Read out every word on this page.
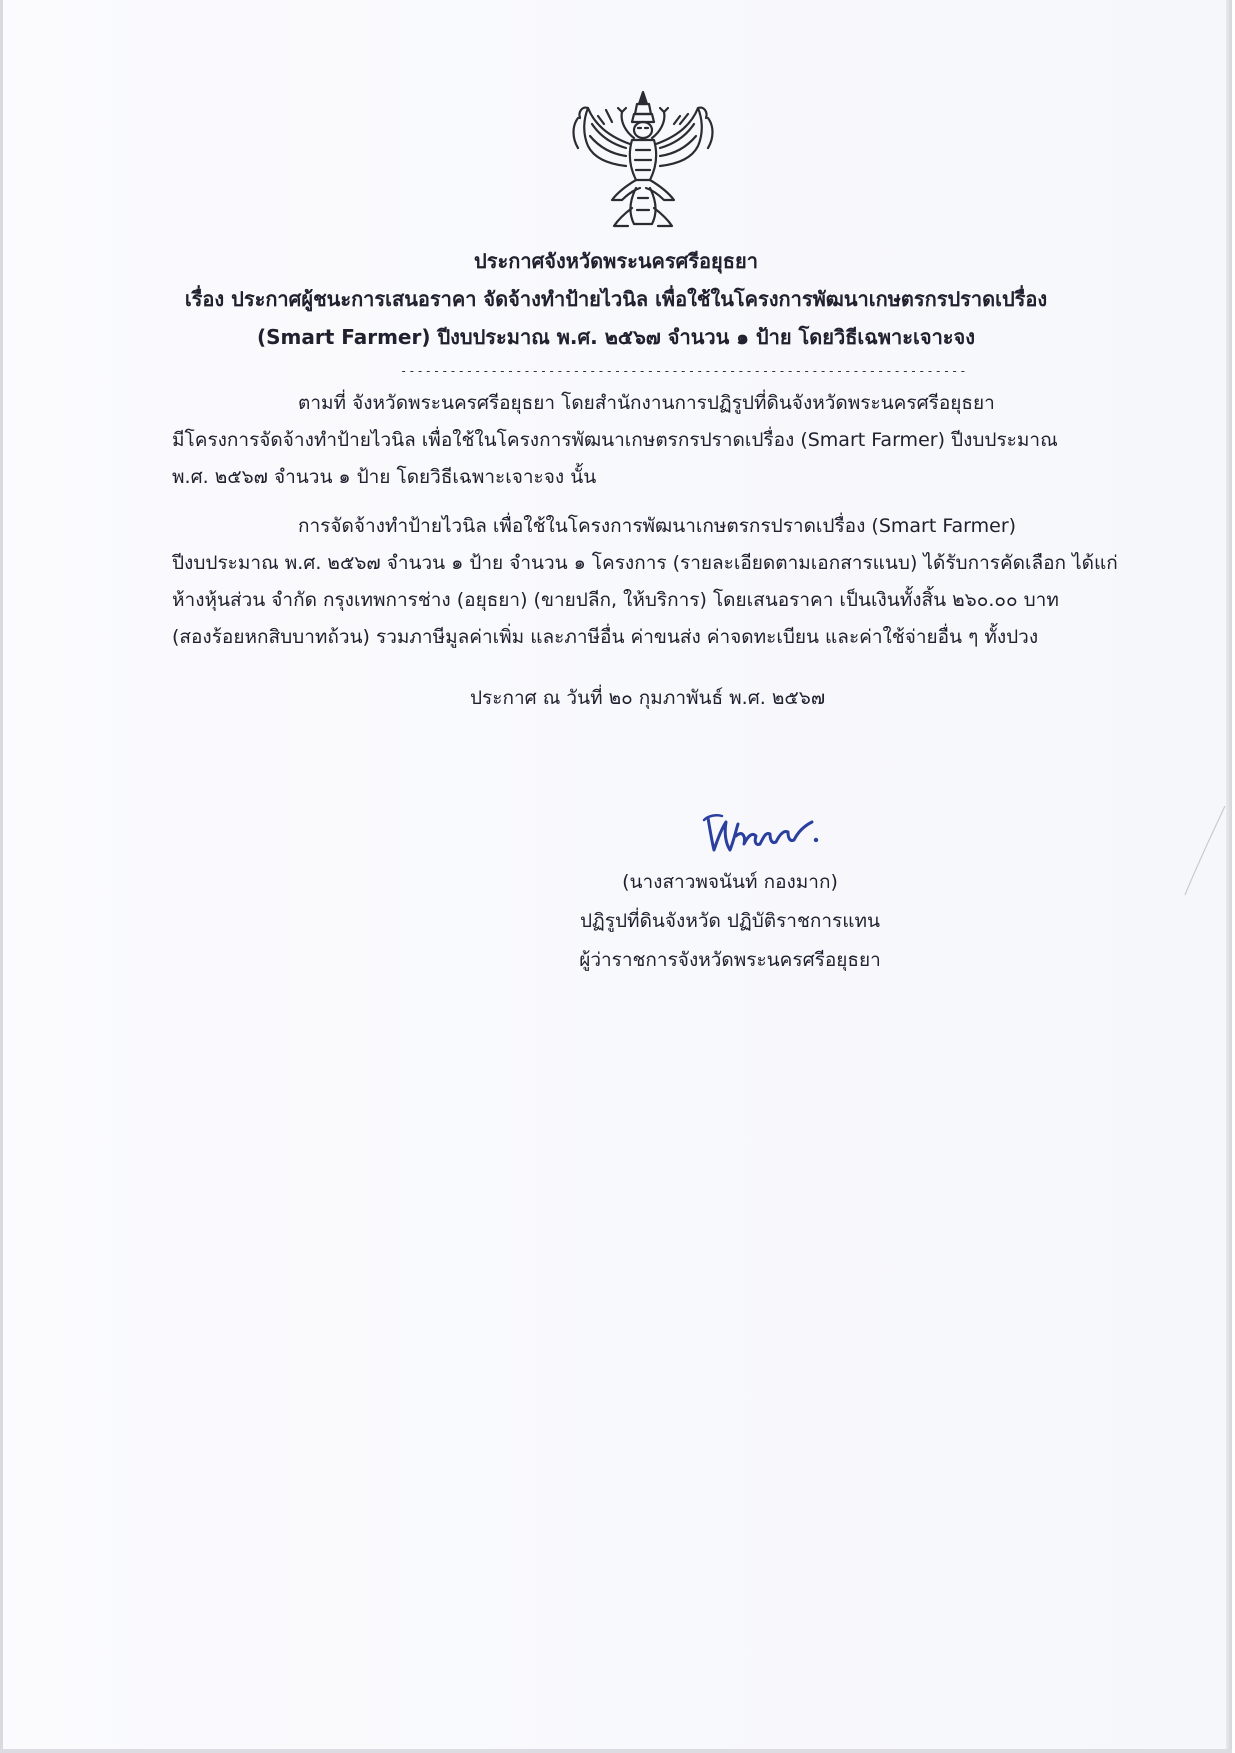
ประกาศจังหวัดพระนครศรีอยุธยา
เรื่อง ประกาศผู้ชนะการเสนอราคา จัดจ้างทำป้ายไวนิล เพื่อใช้ในโครงการพัฒนาเกษตรกรปราดเปรื่อง
(Smart Farmer) ปีงบประมาณ พ.ศ. ๒๕๖๗ จำนวน ๑ ป้าย โดยวิธีเฉพาะเจาะจง
---------------------------------------------------------------------
ตามที่ จังหวัดพระนครศรีอยุธยา โดยสำนักงานการปฏิรูปที่ดินจังหวัดพระนครศรีอยุธยา
มีโครงการจัดจ้างทำป้ายไวนิล เพื่อใช้ในโครงการพัฒนาเกษตรกรปราดเปรื่อง (Smart Farmer) ปีงบประมาณ
พ.ศ. ๒๕๖๗ จำนวน ๑ ป้าย โดยวิธีเฉพาะเจาะจง นั้น
การจัดจ้างทำป้ายไวนิล เพื่อใช้ในโครงการพัฒนาเกษตรกรปราดเปรื่อง (Smart Farmer)
ปีงบประมาณ พ.ศ. ๒๕๖๗ จำนวน ๑ ป้าย จำนวน ๑ โครงการ (รายละเอียดตามเอกสารแนบ) ได้รับการคัดเลือก ได้แก่
ห้างหุ้นส่วน จำกัด กรุงเทพการช่าง (อยุธยา) (ขายปลีก, ให้บริการ) โดยเสนอราคา เป็นเงินทั้งสิ้น ๒๖๐.๐๐ บาท
(สองร้อยหกสิบบาทถ้วน) รวมภาษีมูลค่าเพิ่ม และภาษีอื่น ค่าขนส่ง ค่าจดทะเบียน และค่าใช้จ่ายอื่น ๆ ทั้งปวง
ประกาศ ณ วันที่ ๒๐ กุมภาพันธ์ พ.ศ. ๒๕๖๗
(นางสาวพจนันท์ กองมาก)
ปฏิรูปที่ดินจังหวัด ปฏิบัติราชการแทน
ผู้ว่าราชการจังหวัดพระนครศรีอยุธยา
